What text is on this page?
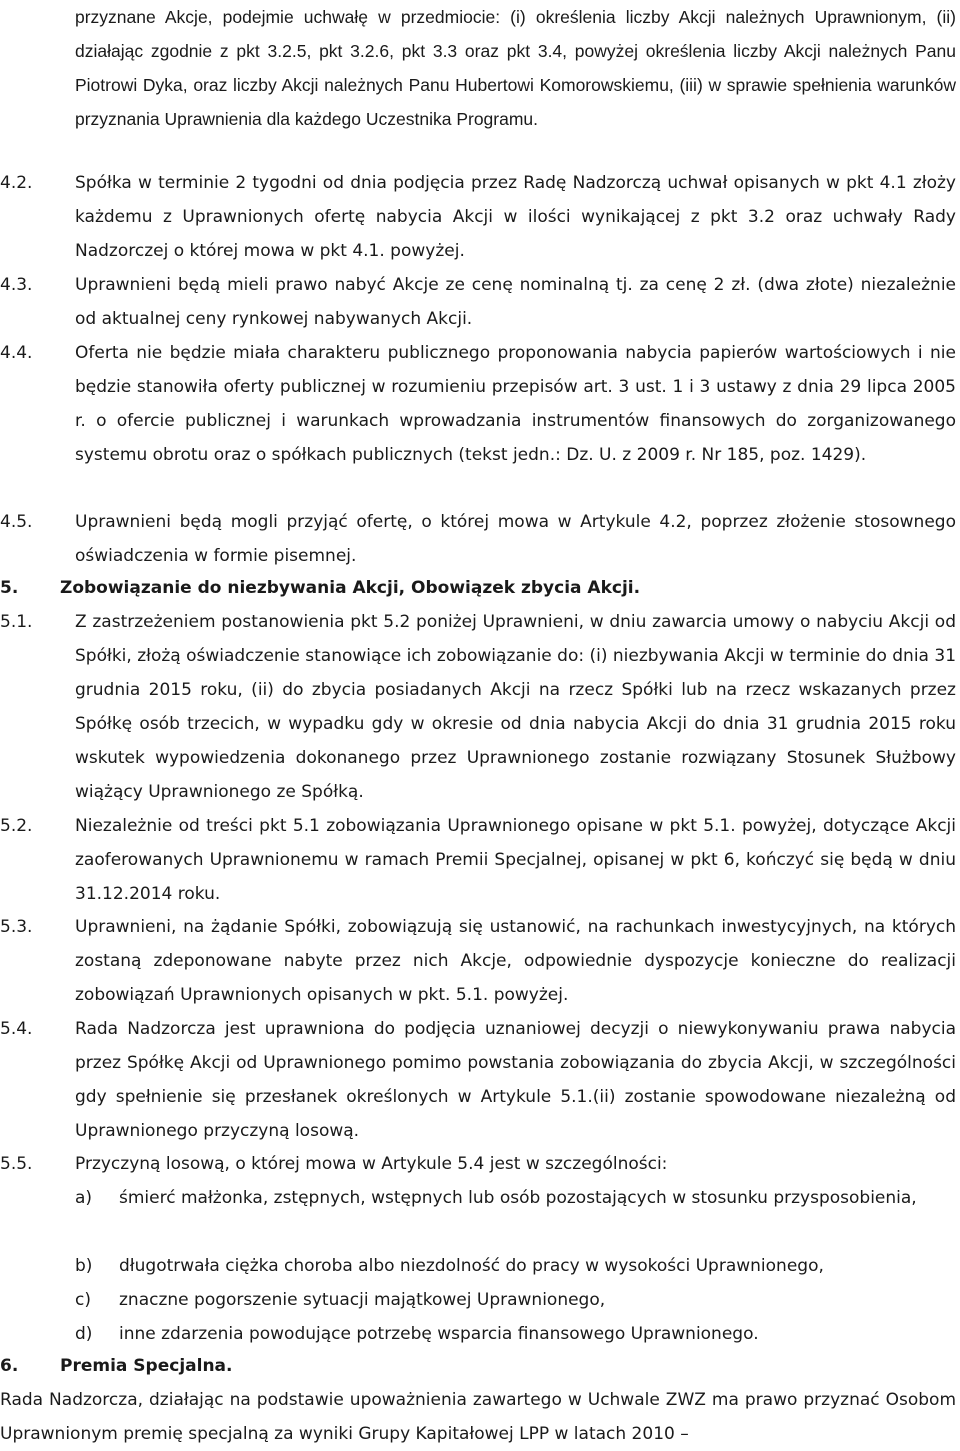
przyznane Akcje, podejmie uchwałę w przedmiocie: (i) określenia liczby Akcji należnych Uprawnionym, (ii) działając zgodnie z pkt 3.2.5, pkt 3.2.6, pkt 3.3 oraz pkt 3.4, powyżej określenia liczby Akcji należnych Panu Piotrowi Dyka, oraz liczby Akcji należnych Panu Hubertowi Komorowskiemu, (iii) w sprawie spełnienia warunków przyznania Uprawnienia dla każdego Uczestnika Programu.
4.2.	Spółka w terminie 2 tygodni od dnia podjęcia przez Radę Nadzorczą uchwał opisanych w pkt 4.1 złoży każdemu z Uprawnionych ofertę nabycia Akcji w ilości wynikającej z pkt 3.2 oraz uchwały Rady Nadzorczej o której mowa w pkt 4.1. powyżej.
4.3.	Uprawnieni będą mieli prawo nabyć Akcje ze cenę nominalną tj. za cenę 2 zł. (dwa złote) niezależnie od aktualnej ceny rynkowej nabywanych Akcji.
4.4.	Oferta nie będzie miała charakteru publicznego proponowania nabycia papierów wartościowych i nie będzie stanowiła oferty publicznej w rozumieniu przepisów art. 3 ust. 1 i 3 ustawy z dnia 29 lipca 2005 r. o ofercie publicznej i warunkach wprowadzania instrumentów finansowych do zorganizowanego systemu obrotu oraz o spółkach publicznych (tekst jedn.: Dz. U. z 2009 r. Nr 185, poz. 1429).
4.5.	Uprawnieni będą mogli przyjąć ofertę, o której mowa w Artykule 4.2, poprzez złożenie stosownego oświadczenia w formie pisemnej.
5. Zobowiązanie do niezbywania Akcji, Obowiązek zbycia Akcji.
5.1.	Z zastrzeżeniem postanowienia pkt 5.2 poniżej Uprawnieni, w dniu zawarcia umowy o nabyciu Akcji od Spółki, złożą oświadczenie stanowiące ich zobowiązanie do: (i) niezbywania Akcji w terminie do dnia 31 grudnia 2015 roku, (ii) do zbycia posiadanych Akcji na rzecz Spółki lub na rzecz wskazanych przez Spółkę osób trzecich, w wypadku gdy w okresie od dnia nabycia Akcji do dnia 31 grudnia 2015 roku wskutek wypowiedzenia dokonanego przez Uprawnionego zostanie rozwiązany Stosunek Służbowy wiążący Uprawnionego ze Spółką.
5.2.	Niezależnie od treści pkt 5.1 zobowiązania Uprawnionego opisane w pkt 5.1. powyżej, dotyczące Akcji zaoferowanych Uprawnionemu w ramach Premii Specjalnej, opisanej w pkt 6, kończyć się będą w dniu 31.12.2014 roku.
5.3.	Uprawnieni, na żądanie Spółki, zobowiązują się ustanowić, na rachunkach inwestycyjnych, na których zostaną zdeponowane nabyte przez nich Akcje, odpowiednie dyspozycje konieczne do realizacji zobowiązań Uprawnionych opisanych w pkt. 5.1. powyżej.
5.4.	Rada Nadzorcza jest uprawniona do podjęcia uznaniowej decyzji o niewykonywaniu prawa nabycia przez Spółkę Akcji od Uprawnionego pomimo powstania zobowiązania do zbycia Akcji, w szczególności gdy spełnienie się przesłanek określonych w Artykule 5.1.(ii) zostanie spowodowane niezależną od Uprawnionego przyczyną losową.
5.5.	Przyczyną losową, o której mowa w Artykule 5.4 jest w szczególności:
a) śmierć małżonka, zstępnych, wstępnych lub osób pozostających w stosunku przysposobienia,
b) długotrwała ciężka choroba albo niezdolność do pracy w wysokości Uprawnionego,
c) znaczne pogorszenie sytuacji majątkowej Uprawnionego,
d) inne zdarzenia powodujące potrzebę wsparcia finansowego Uprawnionego.
6. Premia Specjalna.
Rada Nadzorcza, działając na podstawie upoważnienia zawartego w Uchwale ZWZ ma prawo przyznać Osobom Uprawnionym premię specjalną za wyniki Grupy Kapitałowej LPP w latach 2010 –
